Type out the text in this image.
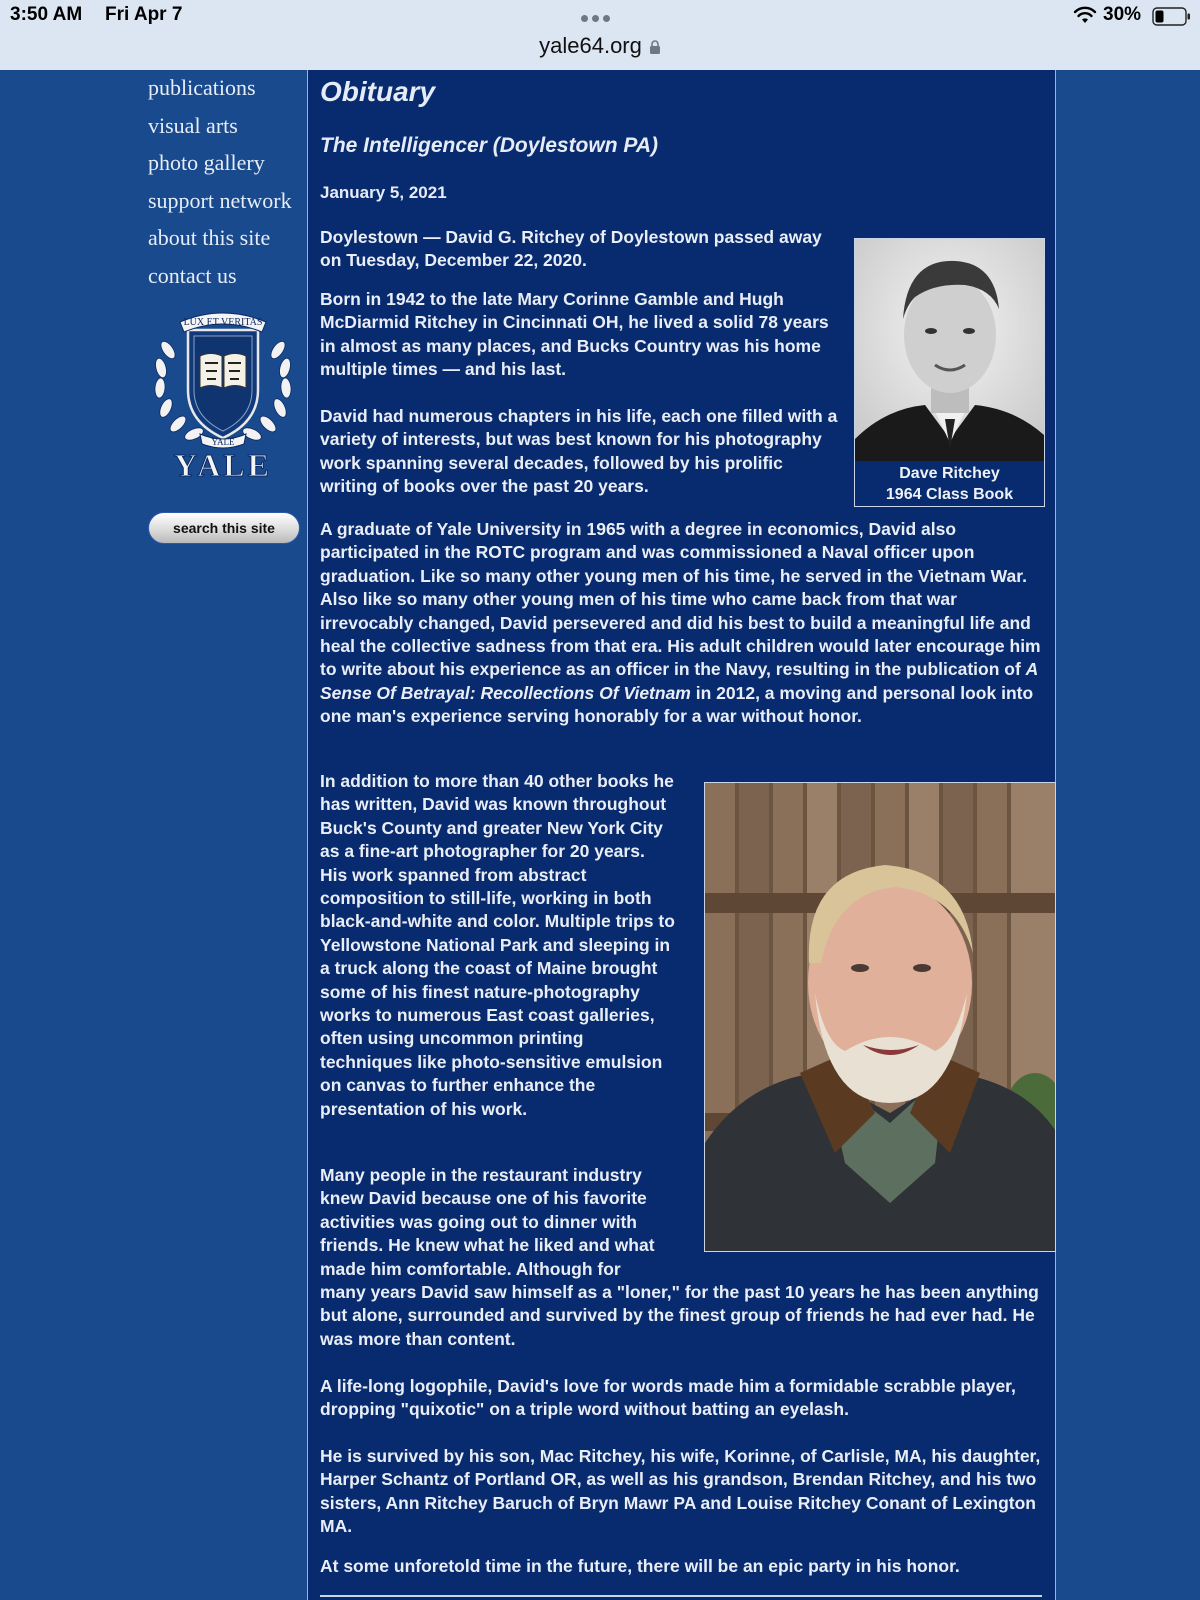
3:50 AM Fri Apr 7
yale64.org
30%
publications
visual arts
photo gallery
support network
about this site
contact us
LUX ET VERITAS
YALE
YALE
search this site
Obituary
The Intelligencer (Doylestown PA)
January 5, 2021

Doylestown — David G. Ritchey of Doylestown passed away on Tuesday, December 22, 2020.

Born in 1942 to the late Mary Corinne Gamble and Hugh McDiarmid Ritchey in Cincinnati OH, he lived a solid 78 years in almost as many places, and Bucks Country was his home multiple times — and his last.

David had numerous chapters in his life, each one filled with a variety of interests, but was best known for his photography work spanning several decades, followed by his prolific writing of books over the past 20 years.

Dave Ritchey
1964 Class Book

A graduate of Yale University in 1965 with a degree in economics, David also participated in the ROTC program and was commissioned a Naval officer upon graduation. Like so many other young men of his time, he served in the Vietnam War. Also like so many other young men of his time who came back from that war irrevocably changed, David persevered and did his best to build a meaningful life and heal the collective sadness from that era. His adult children would later encourage him to write about his experience as an officer in the Navy, resulting in the publication of A Sense Of Betrayal: Recollections Of Vietnam in 2012, a moving and personal look into one man's experience serving honorably for a war without honor.

In addition to more than 40 other books he has written, David was known throughout Buck's County and greater New York City as a fine-art photographer for 20 years. His work spanned from abstract composition to still-life, working in both black-and-white and color. Multiple trips to Yellowstone National Park and sleeping in a truck along the coast of Maine brought some of his finest nature-photography works to numerous East coast galleries, often using uncommon printing techniques like photo-sensitive emulsion on canvas to further enhance the presentation of his work.

Many people in the restaurant industry knew David because one of his favorite activities was going out to dinner with friends. He knew what he liked and what made him comfortable. Although for
many years David saw himself as a "loner," for the past 10 years he has been anything but alone, surrounded and survived by the finest group of friends he had ever had. He was more than content.

A life-long logophile, David's love for words made him a formidable scrabble player, dropping "quixotic" on a triple word without batting an eyelash.

He is survived by his son, Mac Ritchey, his wife, Korinne, of Carlisle, MA, his daughter, Harper Schantz of Portland OR, as well as his grandson, Brendan Ritchey, and his two sisters, Ann Ritchey Baruch of Bryn Mawr PA and Louise Ritchey Conant of Lexington MA.

At some unforetold time in the future, there will be an epic party in his honor.
